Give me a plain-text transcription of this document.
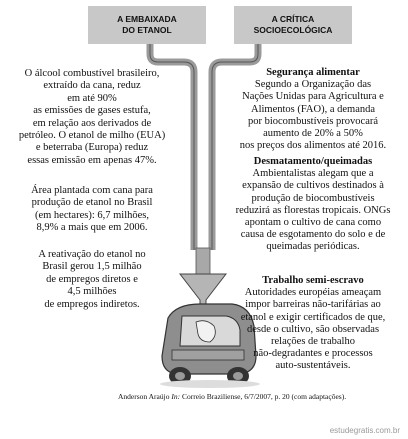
A EMBAIXADA
DO ETANOL
A CRÍTICA
SOCIOECOLÓGICA

O álcool combustível brasileiro,

extraído da cana, reduz

em até 90%

as emissões de gases estufa,

em relação aos derivados de

petróleo. O etanol de milho (EUA)

e beterraba (Europa) reduz

essas emissão em apenas 47%.

Área plantada com cana para

produção de etanol no Brasil

(em hectares): 6,7 milhões,

8,9% a mais que em 2006.

A reativação do etanol no

Brasil gerou 1,5 milhão

de empregos diretos e

4,5 milhões

de empregos indiretos.

Segurança alimentar

Segundo a Organização das

Nações Unidas para Agricultura e

Alimentos (FAO), a demanda

por biocombustíveis provocará

aumento de 20% a 50%

nos preços dos alimentos até 2016.

Desmatamento/queimadas

Ambientalistas alegam que a

expansão de cultivos destinados à

produção de biocombustíveis

reduzirá as florestas tropicais. ONGs

apontam o cultivo de cana como

causa de esgotamento do solo e de

queimadas periódicas.

Trabalho semi-escravo

Autoridades européias ameaçam

impor barreiras não-tarifárias ao

etanol e exigir certificados de que,

desde o cultivo, são observadas

relações de trabalho

não-degradantes e processos

auto-sustentáveis.

Anderson Araújo In: Correio Braziliense, 6/7/2007, p. 20 (com adaptações).
estudegratis.com.br
